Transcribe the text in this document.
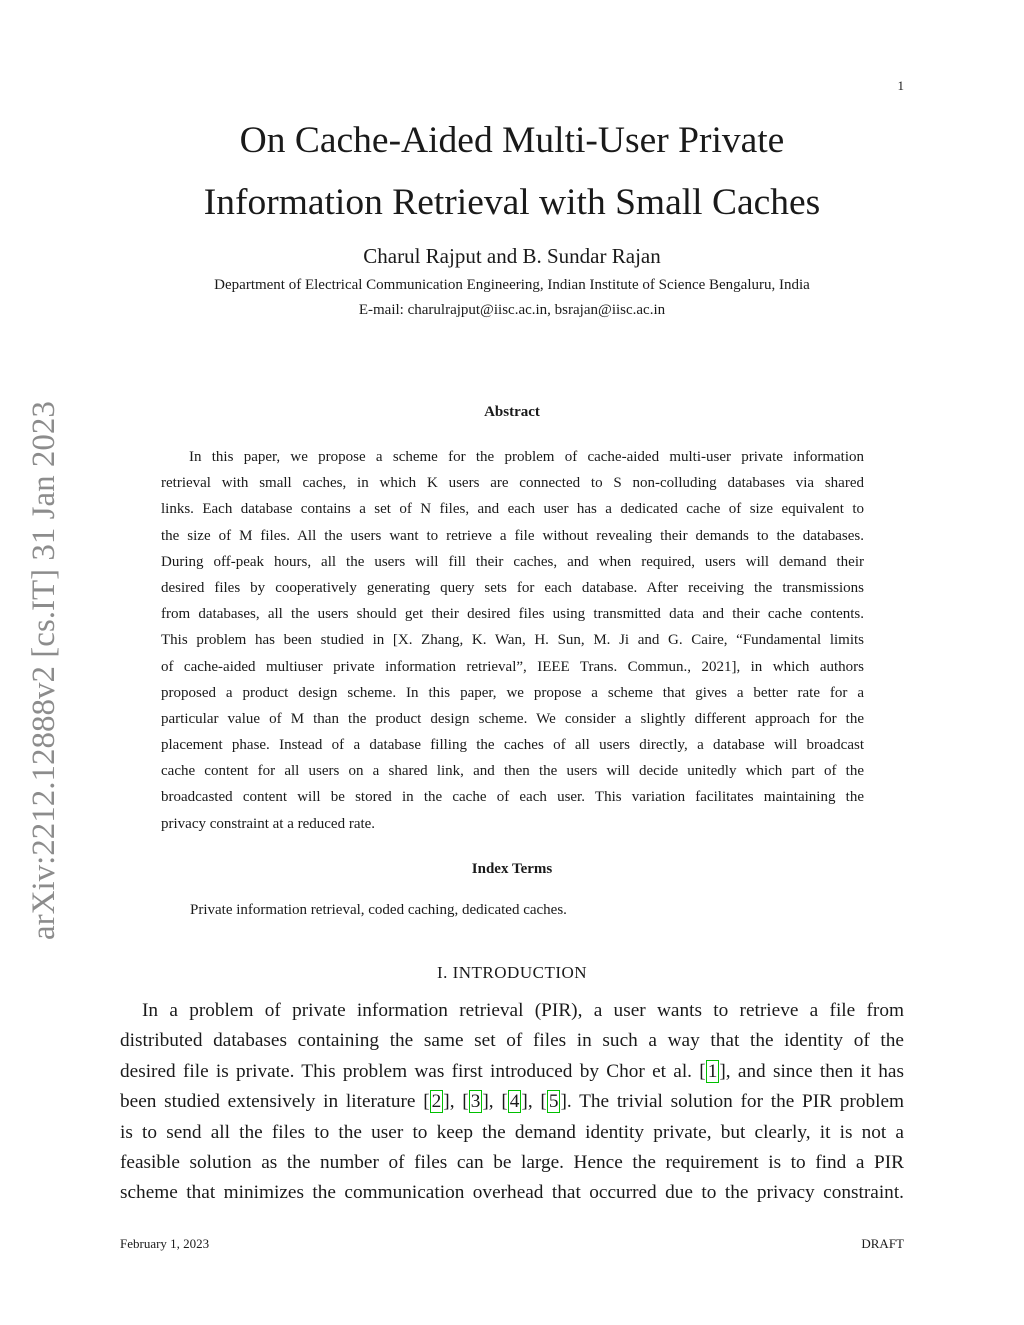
1
On Cache-Aided Multi-User Private
Information Retrieval with Small Caches
Charul Rajput and B. Sundar Rajan
Department of Electrical Communication Engineering, Indian Institute of Science Bengaluru, India
E-mail: charulrajput@iisc.ac.in, bsrajan@iisc.ac.in
arXiv:2212.12888v2 [cs.IT] 31 Jan 2023	Abstract
In this paper, we propose a scheme for the problem of cache-aided multi-user private information
retrieval with small caches, in which K users are connected to S non-colluding databases via shared
links. Each database contains a set of N files, and each user has a dedicated cache of size equivalent to
the size of M files. All the users want to retrieve a file without revealing their demands to the databases.
During off-peak hours, all the users will fill their caches, and when required, users will demand their
desired files by cooperatively generating query sets for each database. After receiving the transmissions
from databases, all the users should get their desired files using transmitted data and their cache contents.
This problem has been studied in [X. Zhang, K. Wan, H. Sun, M. Ji and G. Caire, “Fundamental limits
of cache-aided multiuser private information retrieval”, IEEE Trans. Commun., 2021], in which authors
proposed a product design scheme. In this paper, we propose a scheme that gives a better rate for a
particular value of M than the product design scheme. We consider a slightly different approach for the
placement phase. Instead of a database filling the caches of all users directly, a database will broadcast
cache content for all users on a shared link, and then the users will decide unitedly which part of the
broadcasted content will be stored in the cache of each user. This variation facilitates maintaining the
privacy constraint at a reduced rate.
Index Terms
Private information retrieval, coded caching, dedicated caches.
I. INTRODUCTION
In a problem of private information retrieval (PIR), a user wants to retrieve a file from
distributed databases containing the same set of files in such a way that the identity of the
desired file is private. This problem was first introduced by Chor et al. [ 1 ], and since then it has
been studied extensively in literature [ 2 ], [ 3 ], [ 4 ], [ 5 ]. The trivial solution for the PIR problem
is to send all the files to the user to keep the demand identity private, but clearly, it is not a
feasible solution as the number of files can be large. Hence the requirement is to find a PIR
scheme that minimizes the communication overhead that occurred due to the privacy constraint.
February 1, 2023	DRAFT
